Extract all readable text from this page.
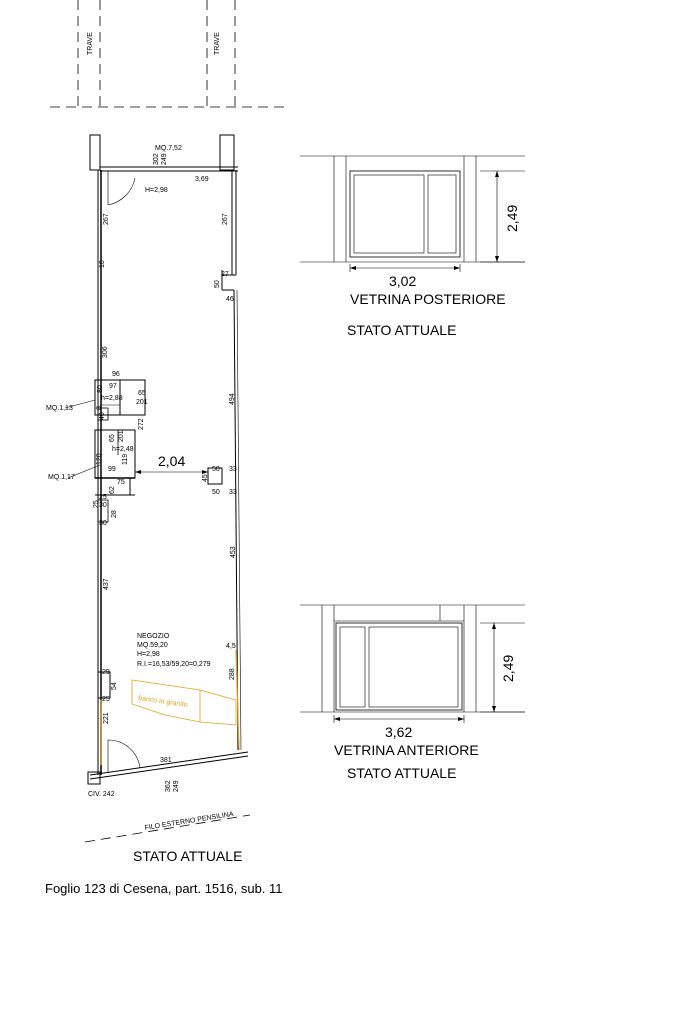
TRAVE	TRAVE
2,04
banco in granito
MQ.7,52
302 249
3,69
H=2,98
267	267
10
27
50
46
306
96
494
97
80
65
201
h=2,88
40
8
MQ.1,13
272
65 201
h=2,48
120	119
99
MQ.1,17
75
62
50 33
45
50 33
25
25
30
28
30
453
437
NEGOZIO
MQ.59,20
H=2,98
R.I.=16,53/59,20=0,279
4,5
288
29
54
25
221
381
362 249
CIV. 242
FILO ESTERNO PENSILINA
STATO ATTUALE
3,02
2,49
VETRINA POSTERIORE
STATO ATTUALE
3,62
2,49
VETRINA ANTERIORE
STATO ATTUALE
Foglio 123 di Cesena, part. 1516, sub. 11
